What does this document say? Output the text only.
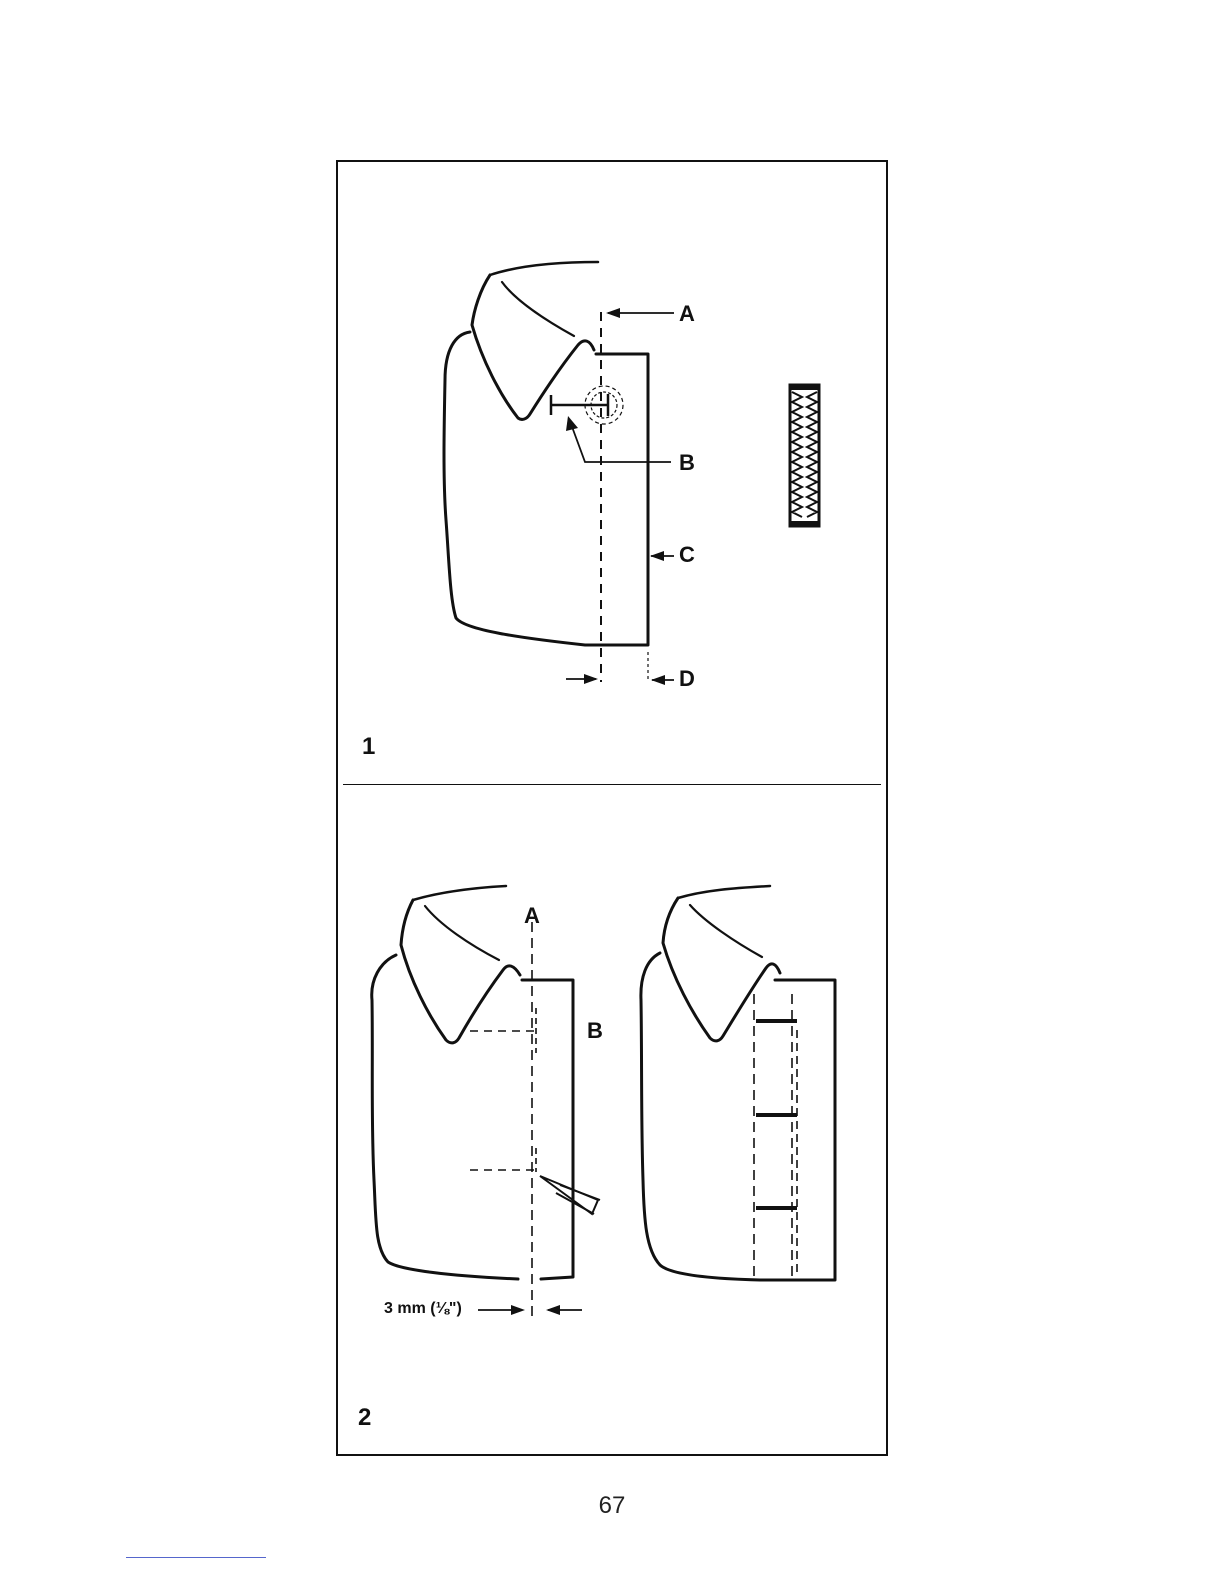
A
B
C
D
1
A
B
3 mm (⅛")
2
67
